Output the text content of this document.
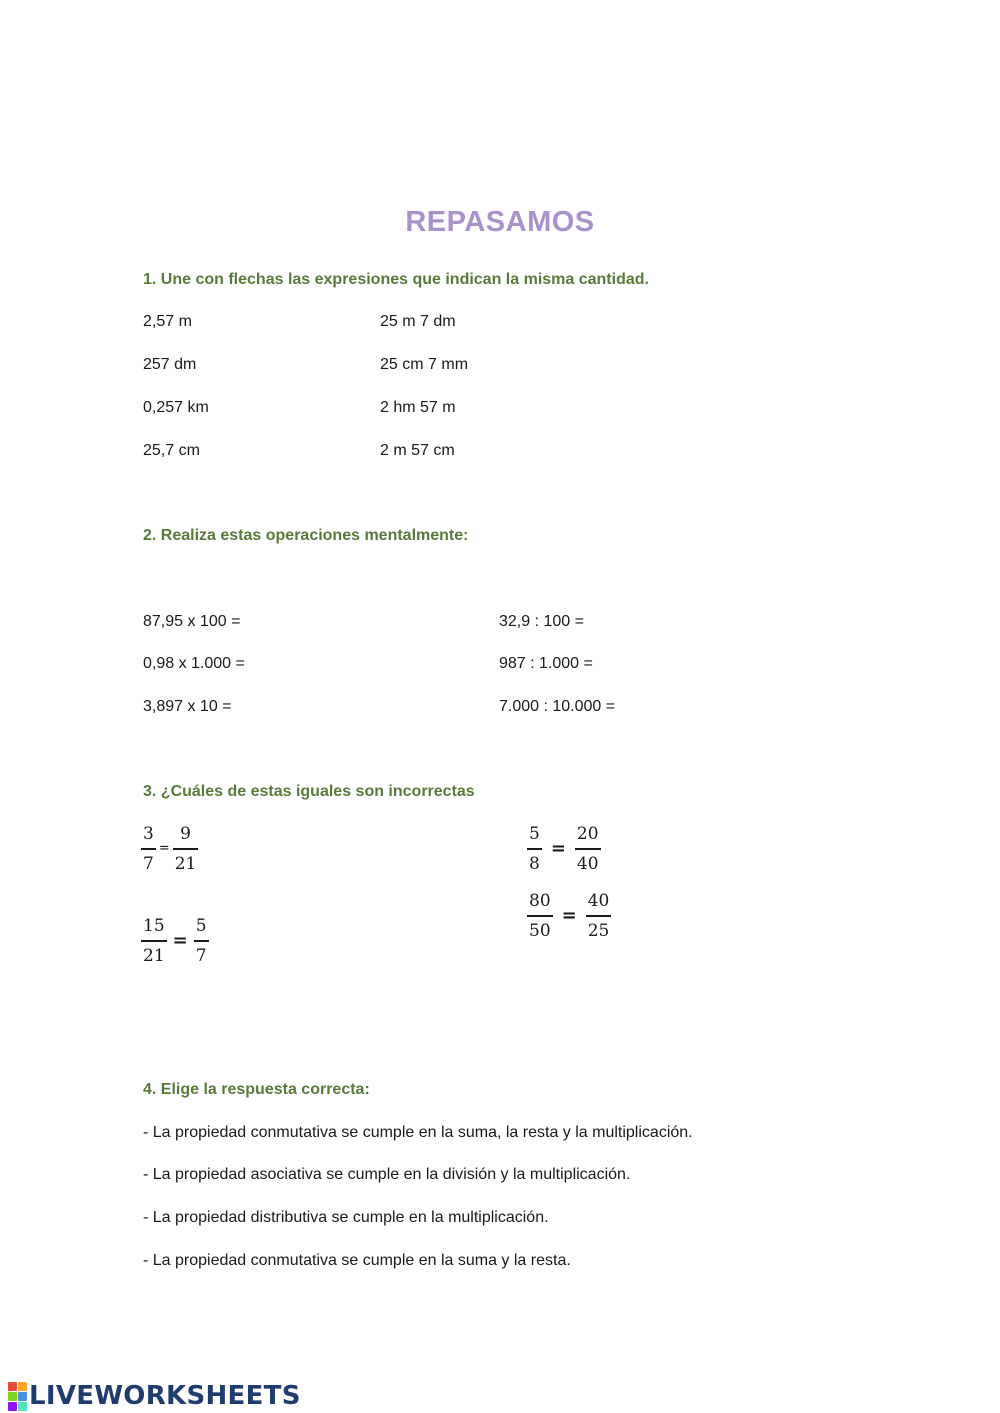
REPASAMOS
1. Une con flechas las expresiones que indican la misma cantidad.
2,57 m
257 dm
0,257 km
25,7 cm
25 m 7 dm
25 cm 7 mm
2 hm 57 m
2 m 57 cm
2. Realiza estas operaciones mentalmente:
87,95 x 100 =
0,98 x 1.000 =
3,897 x 10 =
32,9 : 100 =
987 : 1.000 =
7.000 : 10.000 =
3. ¿Cuáles de estas iguales son incorrectas
$\frac{3}{7} = \frac{9}{21}$
$\frac{15}{21} = \frac{5}{7}$
$\frac{5}{8} = \frac{20}{40}$
$\frac{80}{50} = \frac{40}{25}$
4. Elige la respuesta correcta:
- La propiedad conmutativa se cumple en la suma, la resta y la multiplicación.
- La propiedad asociativa se cumple en la división y la multiplicación.
- La propiedad distributiva se cumple en la multiplicación.
- La propiedad conmutativa se cumple en la suma y la resta.
LIVEWORKSHEETS
